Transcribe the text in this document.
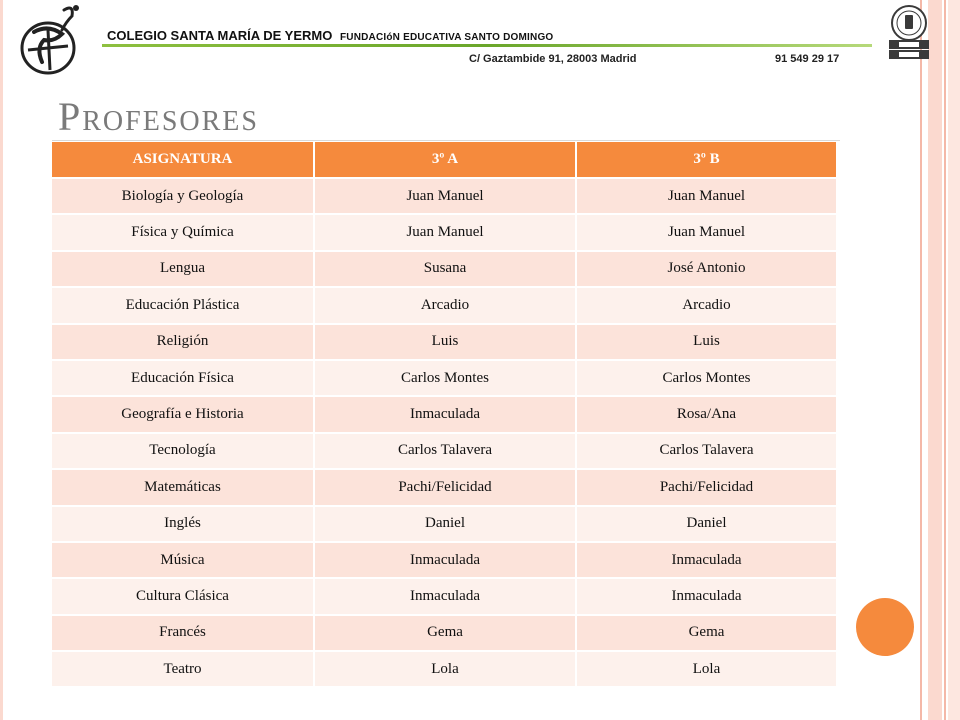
COLEGIO SANTA MARÍA DE YERMO FUNDACIóN EDUCATIVA SANTO DOMINGO
C/ Gaztambide 91, 28003 Madrid	91 549 29 17
Profesores
ASIGNATURA	3º A	3º B
Biología y Geología	Juan Manuel	Juan Manuel
Física y Química	Juan Manuel	Juan Manuel
Lengua	Susana	José Antonio
Educación Plástica	Arcadio	Arcadio
Religión	Luis	Luis
Educación Física	Carlos Montes	Carlos Montes
Geografía e Historia	Inmaculada	Rosa/Ana
Tecnología	Carlos Talavera	Carlos Talavera
Matemáticas	Pachi/Felicidad	Pachi/Felicidad
Inglés	Daniel	Daniel
Música	Inmaculada	Inmaculada
Cultura Clásica	Inmaculada	Inmaculada
Francés	Gema	Gema
Teatro	Lola	Lola
